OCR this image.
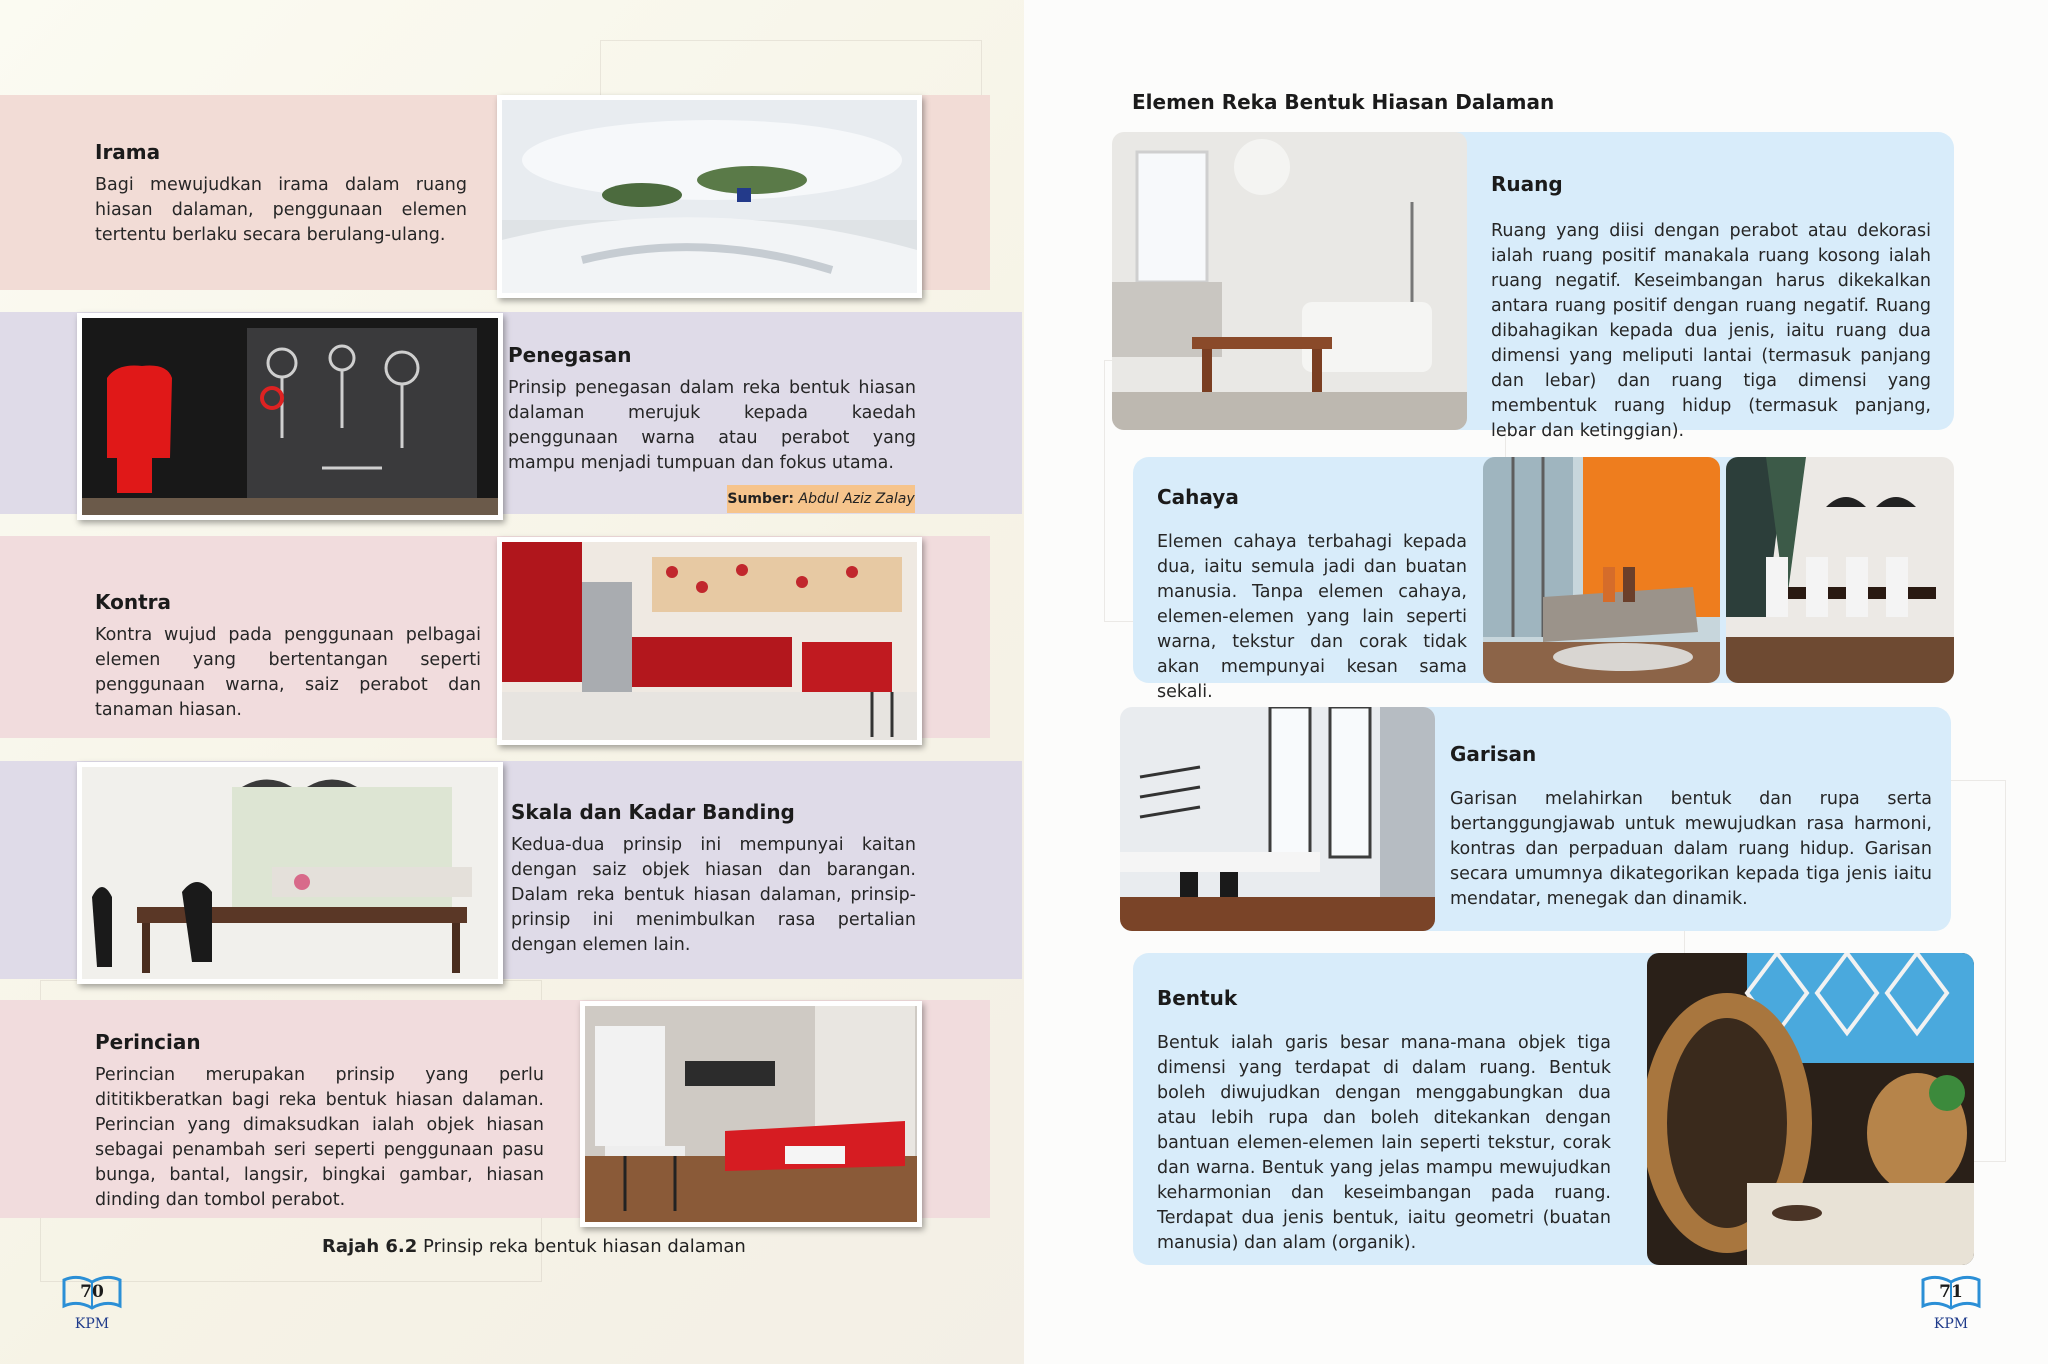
Irama

Bagi mewujudkan irama dalam ruang hiasan dalaman, penggunaan elemen tertentu berlaku secara berulang-ulang.

Penegasan

Prinsip penegasan dalam reka bentuk hiasan dalaman merujuk kepada kaedah penggunaan warna atau perabot yang mampu menjadi tumpuan dan fokus utama.

Sumber: Abdul Aziz Zalay
Kontra

Kontra wujud pada penggunaan pelbagai elemen yang bertentangan seperti penggunaan warna, saiz perabot dan tanaman hiasan.

Skala dan Kadar Banding

Kedua-dua prinsip ini mempunyai kaitan dengan saiz objek hiasan dan barangan. Dalam reka bentuk hiasan dalaman, prinsip-prinsip ini menimbulkan rasa pertalian dengan elemen lain.

Perincian

Perincian merupakan prinsip yang perlu dititikberatkan bagi reka bentuk hiasan dalaman. Perincian yang dimaksudkan ialah objek hiasan sebagai penambah seri seperti penggunaan pasu bunga, bantal, langsir, bingkai gambar, hiasan dinding dan tombol perabot.

Rajah 6.2 Prinsip reka bentuk hiasan dalaman
70
KPM
Elemen Reka Bentuk Hiasan Dalaman
Ruang

Ruang yang diisi dengan perabot atau dekorasi ialah ruang positif manakala ruang kosong ialah ruang negatif. Keseimbangan harus dikekalkan antara ruang positif dengan ruang negatif. Ruang dibahagikan kepada dua jenis, iaitu ruang dua dimensi yang meliputi lantai (termasuk panjang dan lebar) dan ruang tiga dimensi yang membentuk ruang hidup (termasuk panjang, lebar dan ketinggian).

Cahaya

Elemen cahaya terbahagi kepada dua, iaitu semula jadi dan buatan manusia. Tanpa elemen cahaya, elemen-elemen yang lain seperti warna, tekstur dan corak tidak akan mempunyai kesan sama sekali.

Garisan

Garisan melahirkan bentuk dan rupa serta bertanggungjawab untuk mewujudkan rasa harmoni, kontras dan perpaduan dalam ruang hidup. Garisan secara umumnya dikategorikan kepada tiga jenis iaitu mendatar, menegak dan dinamik.

Bentuk

Bentuk ialah garis besar mana-mana objek tiga dimensi yang terdapat di dalam ruang. Bentuk boleh diwujudkan dengan menggabungkan dua atau lebih rupa dan boleh ditekankan dengan bantuan elemen-elemen lain seperti tekstur, corak dan warna. Bentuk yang jelas mampu mewujudkan keharmonian dan keseimbangan pada ruang. Terdapat dua jenis bentuk, iaitu geometri (buatan manusia) dan alam (organik).

71
KPM
